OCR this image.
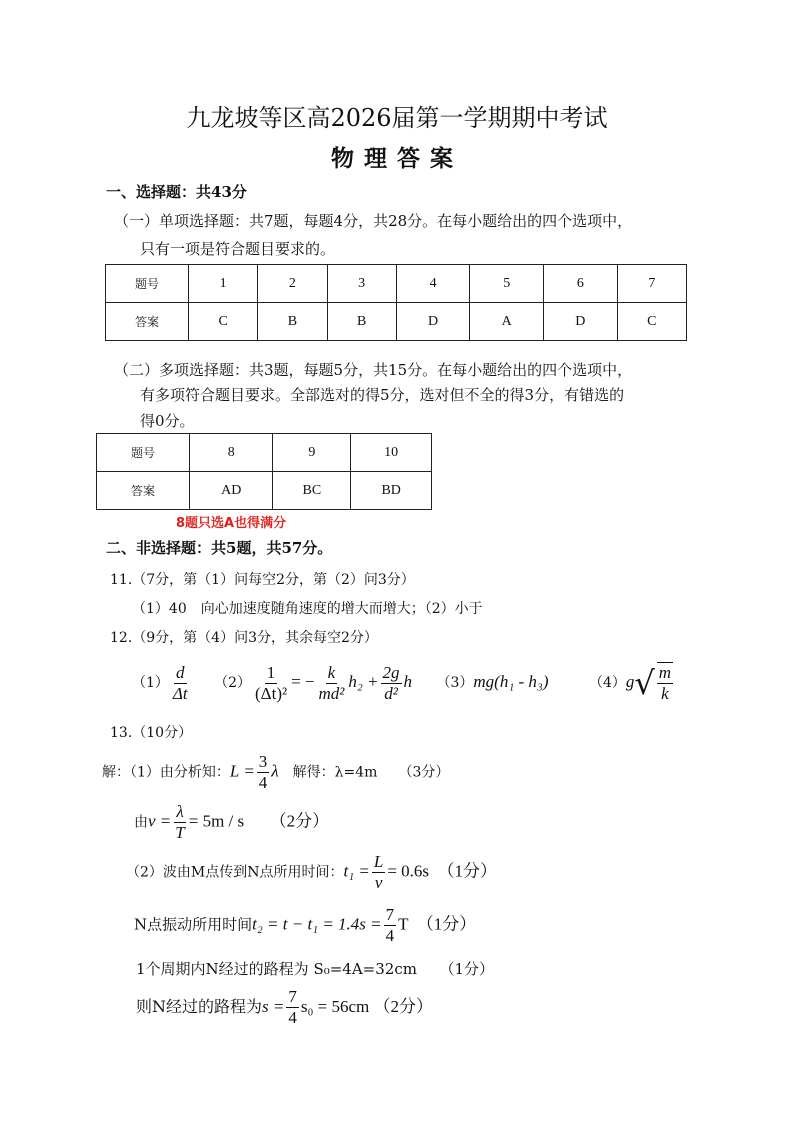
九龙坡等区高2026届第一学期期中考试
物理答案
一、选择题：共43分
（一）单项选择题：共7题，每题4分，共28分。在每小题给出的四个选项中，
只有一项是符合题目要求的。
题号	1	2	3	4	5	6	7
答案	C	B	B	D	A	D	C
（二）多项选择题：共3题，每题5分，共15分。在每小题给出的四个选项中，
有多项符合题目要求。全部选对的得5分，选对但不全的得3分，有错选的
得0分。
题号	8	9	10
答案	AD	BC	BD
8题只选A也得满分
二、非选择题：共5题，共57分。
11.（7分，第（1）问每空2分，第（2）问3分）
（1）40　向心加速度随角速度的增大而增大；（2）小于
12.（9分，第（4）问3分，其余每空2分）
$(1) \frac{d}{\Delta t} (2) \frac{1}{\text{(Δt)²}}$ = − $\frac{k}{\text{md²}} h_2 + \frac{2g}{\text{d²}}$ h （3）mg(h₁ - h₃)	（4）g √ $\frac{m}{k}$
13.（10分）
解：（1）由分析知：$L = \frac{3}{4}$ λ　解得：λ=4m　　（3分）
由$v = \frac{\lambda}{T} = 5m / s$　　（2分）
（2）波由M点传到N点所用时间：$t_1 = \frac{L}{v} = 0.6s$　（1分）
N点振动所用时间$t_2 = t - t_1 = 1.4s = \frac{7}{4}$ T　（1分）
1个周期内N经过的路程为 S₀=4A=32cm　　（1分）
则N经过的路程为$s = \frac{7}{4} s_0 = 56cm$ （2分）
